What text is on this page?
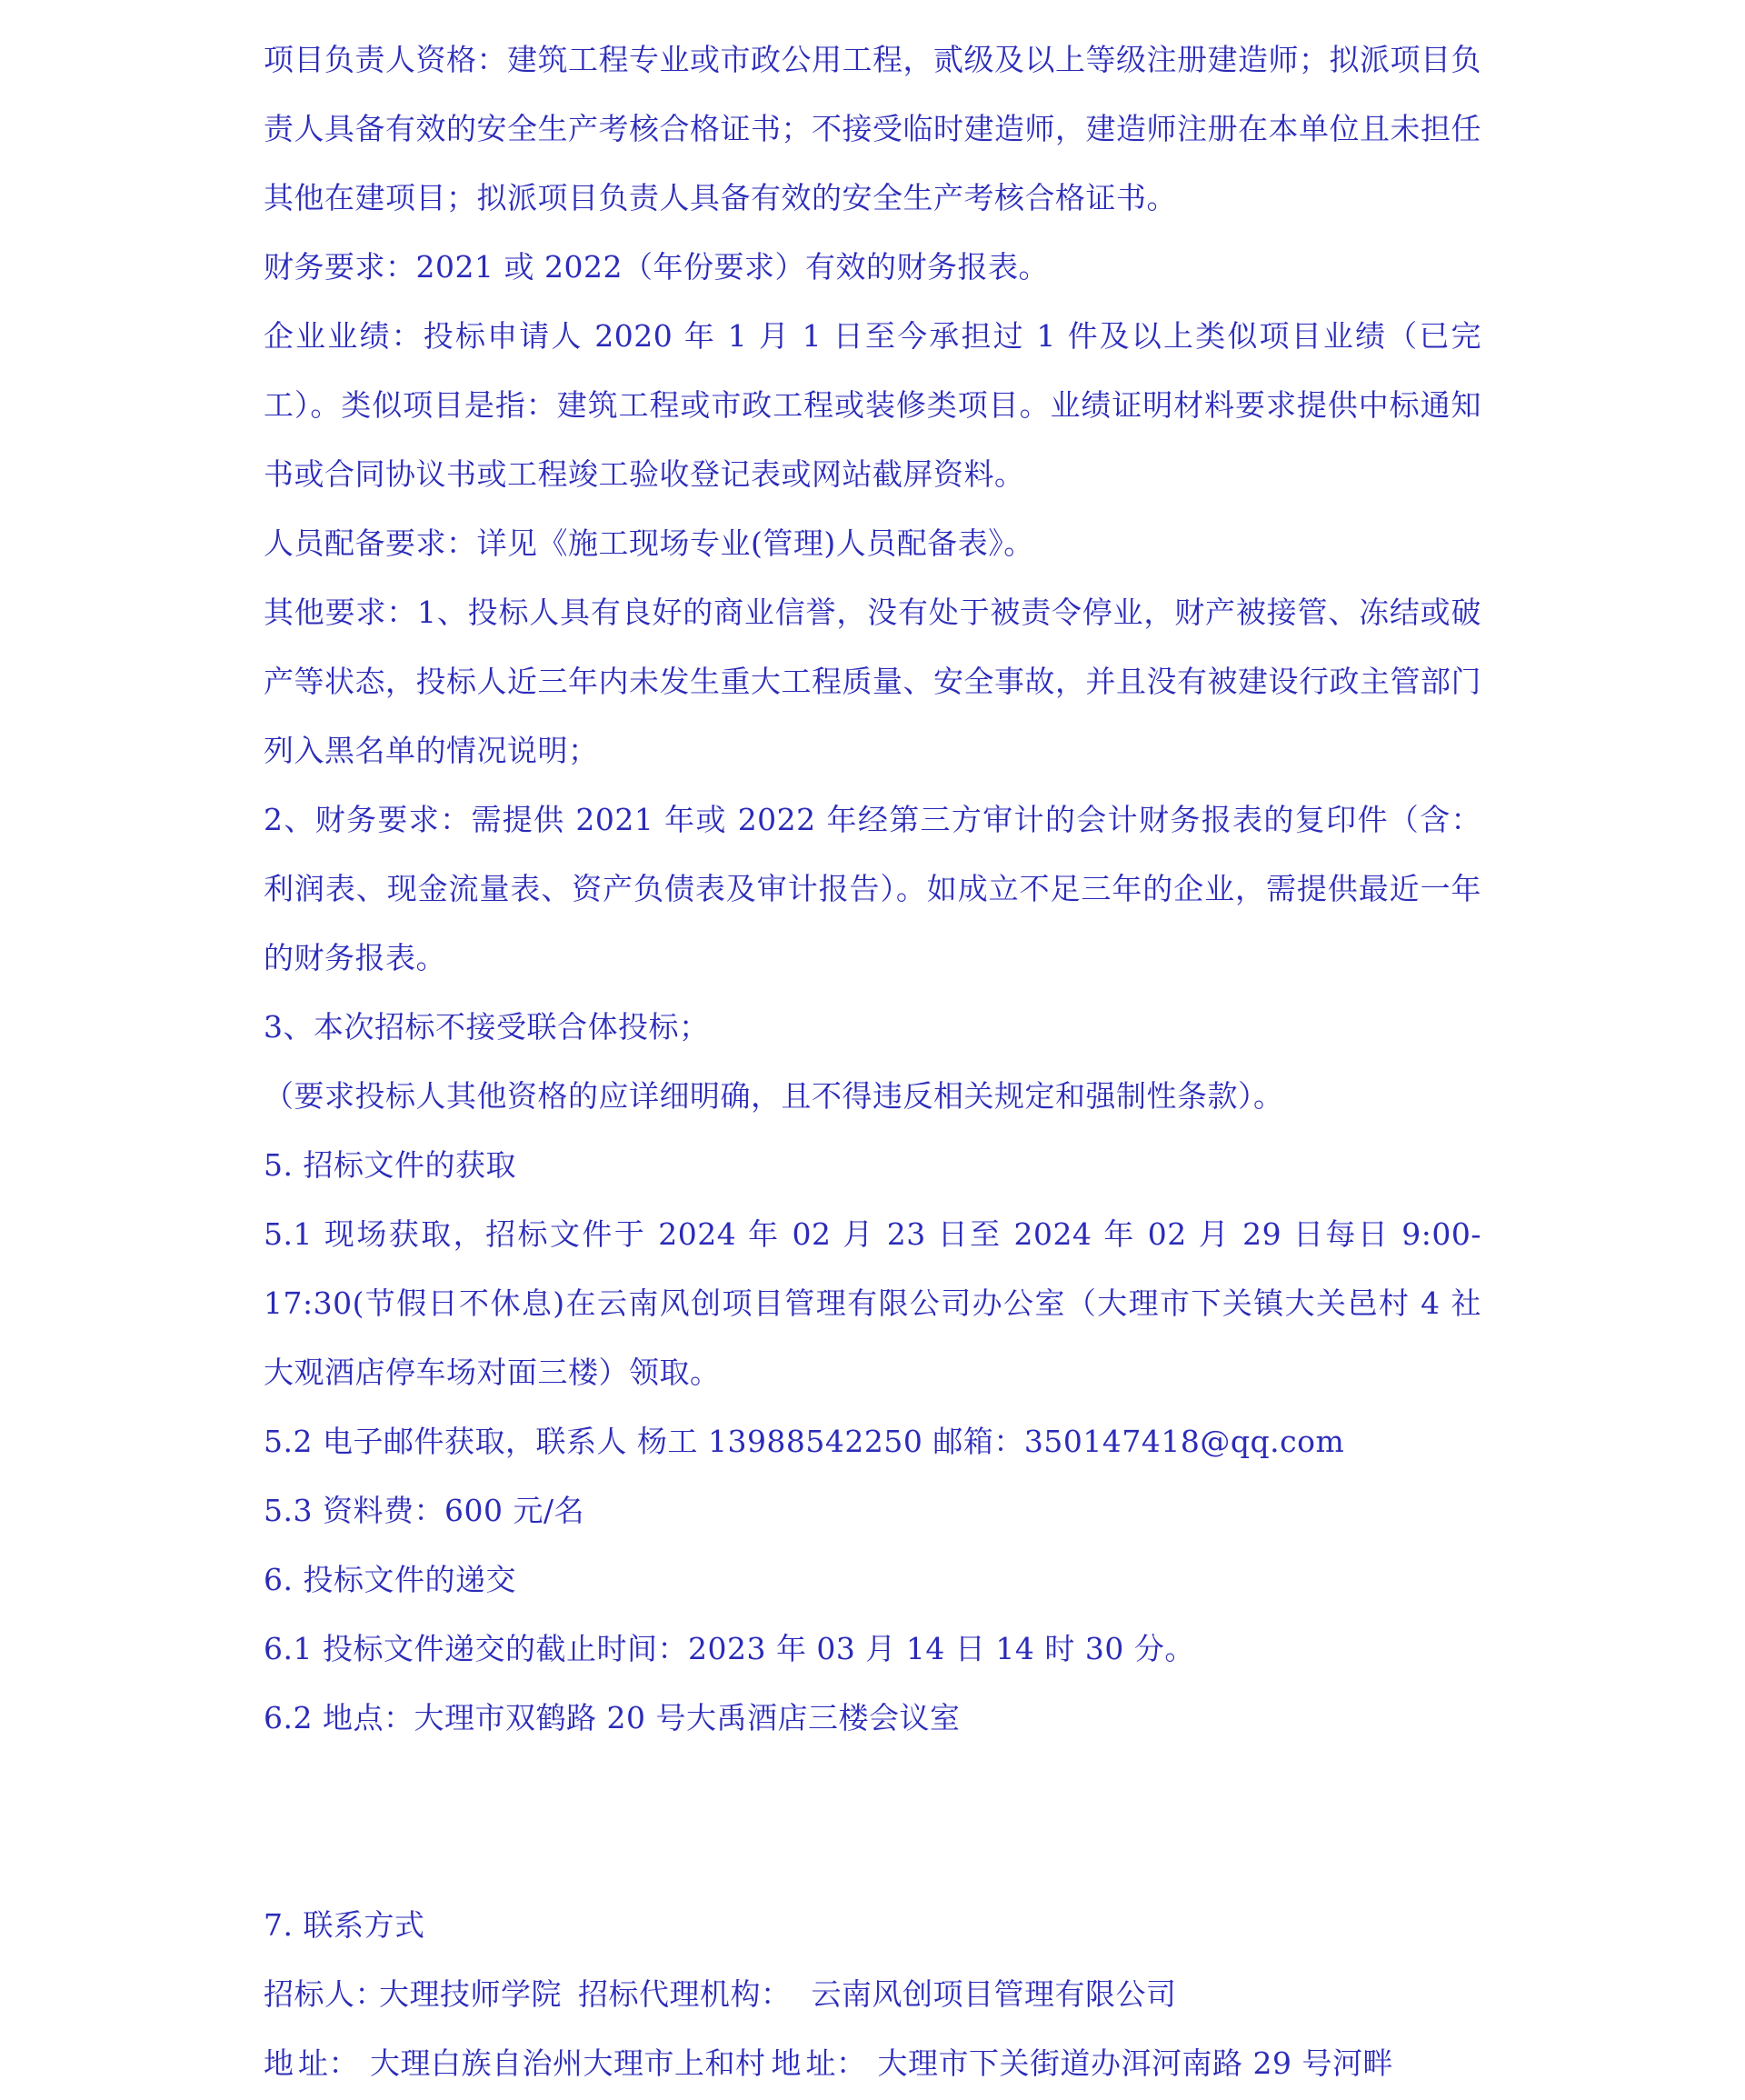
项目负责人资格：建筑工程专业或市政公用工程，贰级及以上等级注册建造师；拟派项目负责人具备有效的安全生产考核合格证书；不接受临时建造师，建造师注册在本单位且未担任其他在建项目；拟派项目负责人具备有效的安全生产考核合格证书。

财务要求：2021 或 2022（年份要求）有效的财务报表。

企业业绩：投标申请人 2020 年 1 月 1 日至今承担过 1 件及以上类似项目业绩（已完工）。类似项目是指：建筑工程或市政工程或装修类项目。业绩证明材料要求提供中标通知书或合同协议书或工程竣工验收登记表或网站截屏资料。

人员配备要求：详见《施工现场专业(管理)人员配备表》。

其他要求：1、投标人具有良好的商业信誉，没有处于被责令停业，财产被接管、冻结或破产等状态，投标人近三年内未发生重大工程质量、安全事故，并且没有被建设行政主管部门列入黑名单的情况说明；

2、财务要求：需提供 2021 年或 2022 年经第三方审计的会计财务报表的复印件（含：利润表、现金流量表、资产负债表及审计报告）。如成立不足三年的企业，需提供最近一年的财务报表。

3、本次招标不接受联合体投标；

（要求投标人其他资格的应详细明确，且不得违反相关规定和强制性条款）。

5. 招标文件的获取

5.1 现场获取，招标文件于 2024 年 02 月 23 日至 2024 年 02 月 29 日每日 9:00-17:30(节假日不休息)在云南风创项目管理有限公司办公室（大理市下关镇大关邑村 4 社大观酒店停车场对面三楼）领取。

5.2 电子邮件获取，联系人 杨工 13988542250 邮箱：350147418@qq.com

5.3 资料费：600 元/名

6. 投标文件的递交

6.1 投标文件递交的截止时间：2023 年 03 月 14 日 14 时 30 分。

6.2 地点：大理市双鹤路 20 号大禹酒店三楼会议室

7. 联系方式

招 标 人：
大理技师学院 招标代理机构： 云南风创项目管理有限公司
地 址： 大理白族自治州大理市上和村 地 址： 大理市下关街道办洱河南路 29 号河畔
